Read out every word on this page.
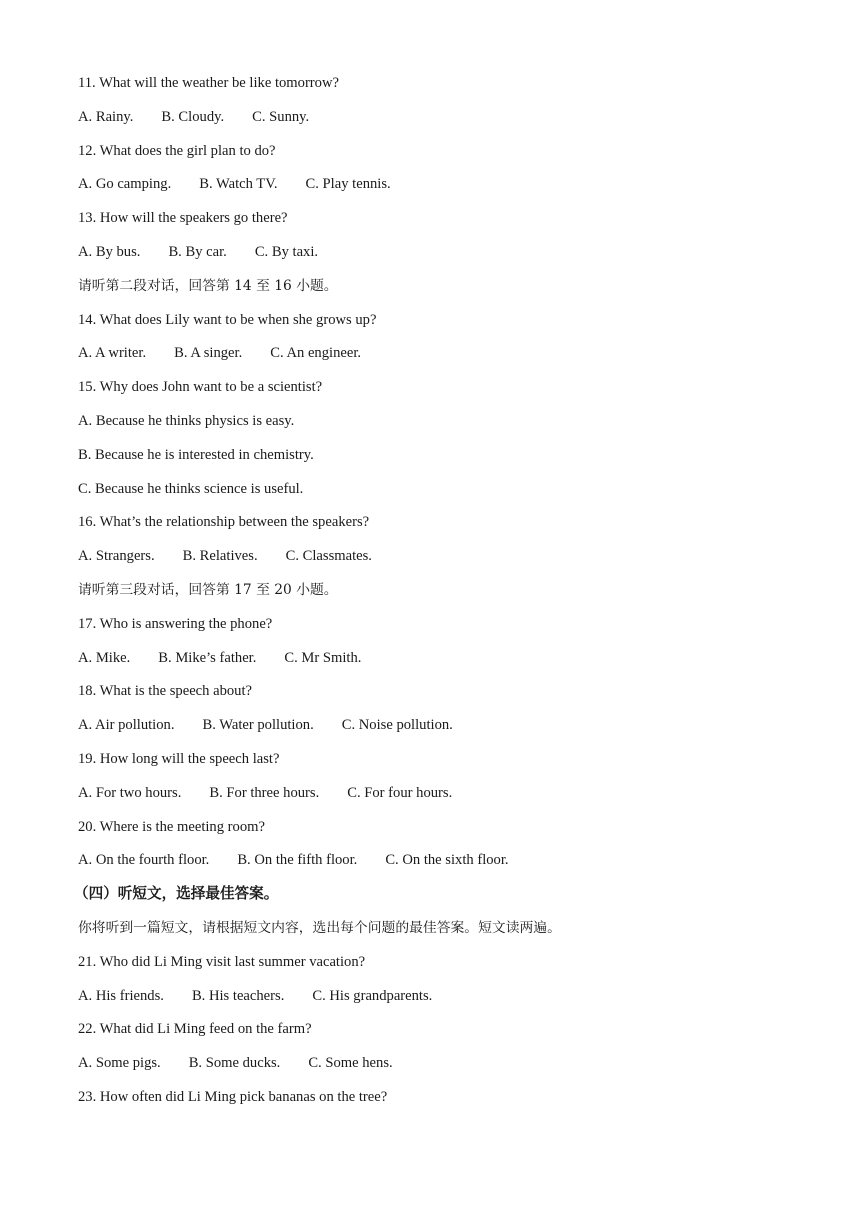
11. What will the weather be like tomorrow?
A. Rainy. B. Cloudy. C. Sunny.
12. What does the girl plan to do?
A. Go camping. B. Watch TV. C. Play tennis.
13. How will the speakers go there?
A. By bus. B. By car. C. By taxi.
请听第二段对话，回答第 14 至 16 小题。
14. What does Lily want to be when she grows up?
A. A writer. B. A singer. C. An engineer.
15. Why does John want to be a scientist?
A. Because he thinks physics is easy.
B. Because he is interested in chemistry.
C. Because he thinks science is useful.
16. What’s the relationship between the speakers?
A. Strangers. B. Relatives. C. Classmates.
请听第三段对话，回答第 17 至 20 小题。
17. Who is answering the phone?
A. Mike. B. Mike’s father. C. Mr Smith.
18. What is the speech about?
A. Air pollution. B. Water pollution. C. Noise pollution.
19. How long will the speech last?
A. For two hours. B. For three hours. C. For four hours.
20. Where is the meeting room?
A. On the fourth floor. B. On the fifth floor. C. On the sixth floor.
（四）听短文，选择最佳答案。
你将听到一篇短文，请根据短文内容，选出每个问题的最佳答案。短文读两遍。
21. Who did Li Ming visit last summer vacation?
A. His friends. B. His teachers. C. His grandparents.
22. What did Li Ming feed on the farm?
A. Some pigs. B. Some ducks. C. Some hens.
23. How often did Li Ming pick bananas on the tree?
